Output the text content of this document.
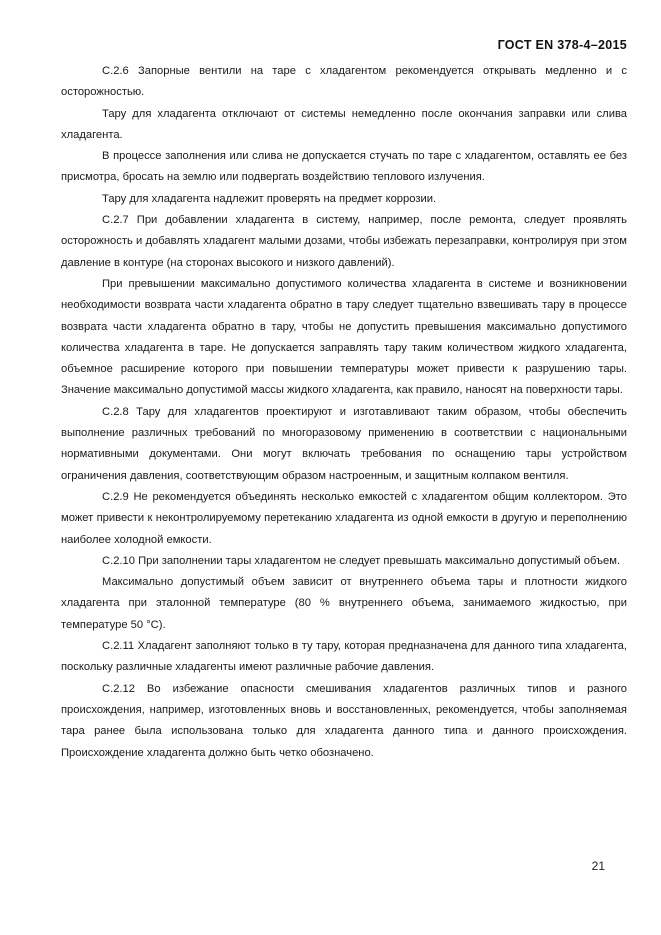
ГОСТ EN 378-4–2015

С.2.6 Запорные вентили на таре с хладагентом рекомендуется открывать медленно и с осторожностью.

Тару для хладагента отключают от системы немедленно после окончания заправки или слива хладагента.

В процессе заполнения или слива не допускается стучать по таре с хладагентом, оставлять ее без присмотра, бросать на землю или подвергать воздействию теплового излучения.

Тару для хладагента надлежит проверять на предмет коррозии.

С.2.7 При добавлении хладагента в систему, например, после ремонта, следует проявлять осторожность и добавлять хладагент малыми дозами, чтобы избежать перезаправки, контролируя при этом давление в контуре (на сторонах высокого и низкого давлений).

При превышении максимально допустимого количества хладагента в системе и возникновении необходимости возврата части хладагента обратно в тару следует тщательно взвешивать тару в процессе возврата части хладагента обратно в тару, чтобы не допустить превышения максимально допустимого количества хладагента в таре. Не допускается заправлять тару таким количеством жидкого хладагента, объемное расширение которого при повышении температуры может привести к разрушению тары. Значение максимально допустимой массы жидкого хладагента, как правило, наносят на поверхности тары.

С.2.8 Тару для хладагентов проектируют и изготавливают таким образом, чтобы обеспечить выполнение различных требований по многоразовому применению в соответствии с национальными нормативными документами. Они могут включать требования по оснащению тары устройством ограничения давления, соответствующим образом настроенным, и защитным колпаком вентиля.

С.2.9 Не рекомендуется объединять несколько емкостей с хладагентом общим коллектором. Это может привести к неконтролируемому перетеканию хладагента из одной емкости в другую и переполнению наиболее холодной емкости.

С.2.10 При заполнении тары хладагентом не следует превышать максимально допустимый объем.

Максимально допустимый объем зависит от внутреннего объема тары и плотности жидкого хладагента при эталонной температуре (80 % внутреннего объема, занимаемого жидкостью, при температуре 50 °С).

С.2.11 Хладагент заполняют только в ту тару, которая предназначена для данного типа хладагента, поскольку различные хладагенты имеют различные рабочие давления.

С.2.12 Во избежание опасности смешивания хладагентов различных типов и разного происхождения, например, изготовленных вновь и восстановленных, рекомендуется, чтобы заполняемая тара ранее была использована только для хладагента данного типа и данного происхождения. Происхождение хладагента должно быть четко обозначено.

21
